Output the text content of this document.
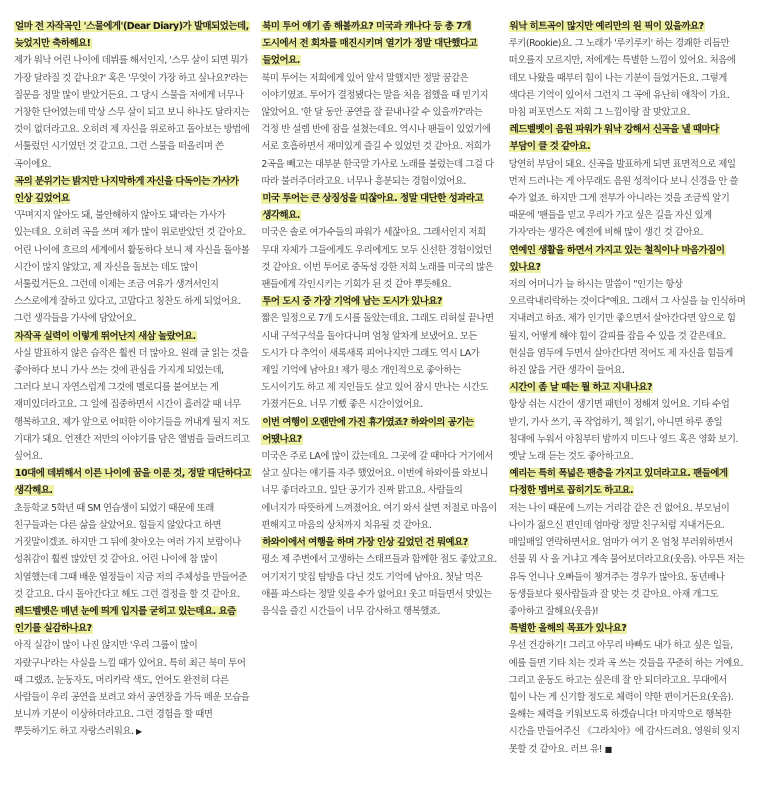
얼마 전 자작곡인 '스물에게'(Dear Diary)가 발매되었는데, 늦었지만 축하해요!

제가 워낙 어린 나이에 데뷔를 해서인지, '스무 살이 되면 뭐가 가장 달라질 것 같나요?' 혹은 '무엇이 가장 하고 싶나요?'라는 질문을 정말 많이 받았거든요. 그 당시 스물을 저에게 너무나 거창한 단어였는데 막상 스무 살이 되고 보니 하나도 달라지는 것이 없더라고요. 오히려 제 자신을 위로하고 돌아보는 방법에 서툴렀던 시기였던 것 같고요. 그런 스물을 떠올리며 쓴 곡이에요.

곡의 분위기는 밝지만 나지막하게 자신을 다독이는 가사가 인상 깊었어요

'꾸며지지 않아도 돼, 불안해하지 않아도 돼'라는 가사가 있는데요. 오히려 곡을 쓰며 제가 많이 위로받았던 것 같아요. 어린 나이에 흐르의 세계에서 활동하다 보니 제 자신을 돌아볼 시간이 많지 않았고, 제 자신을 돌보는 데도 많이 서툴렀거든요. 그런데 이제는 조금 여유가 생겨서인지 스스로에게 잘하고 있다고, 고맙다고 칭찬도 하게 되었어요. 그런 생각들을 가사에 담았어요.

자작곡 실력이 이렇게 뛰어난지 새삼 놀랐어요.

사실 발표하지 않은 습작은 훨씬 더 많아요. 원래 글 읽는 것을 좋아하다 보니 가사 쓰는 것에 관심을 가지게 되었는데, 그러다 보니 자연스럽게 그것에 멜로디를 붙여보는 게 재미있더라고요. 그 일에 집중하면서 시간이 흘러갈 때 너무 행복하고요. 제가 앞으로 어떠한 이야기들을 꺼내게 될지 저도 기대가 돼요. 언젠간 저만의 이야기를 담은 앨범을 들려드리고 싶어요.

10대에 데뷔해서 이른 나이에 꿈을 이룬 것, 정말 대단하다고 생각해요.

초등학교 5학년 때 SM 연습생이 되었기 때문에 또래 친구들과는 다른 삶을 살았어요. 힘들지 않았다고 하면 거짓말이겠죠. 하지만 그 뒤에 찾아오는 여러 가지 보람이나 성취감이 훨씬 많았던 것 같아요. 어린 나이에 참 많이 치열했는데 그때 배운 열정들이 지금 저의 주체성을 만들어준 것 같고요. 다시 돌아간다고 해도 그런 결정을 할 것 같아요.

레드벨벳은 매년 눈에 띄게 입지를 굳히고 있는데요. 요즘 인기를 실감하나요?

아직 실감이 많이 나진 않지만 '우리 그룹이 많이 자랐구나'라는 사실을 느낄 때가 있어요. 특히 최근 북미 투어 때 그랬죠. 눈동자도, 머리카락 색도, 언어도 완전히 다른 사람들이 우리 공연을 보려고 와서 공연장을 가득 메운 모습을 보니까 기분이 이상하더라고요. 그런 경험을 할 때면 뿌듯하기도 하고 자랑스러워요. ▶

북미 투어 얘기 좀 해볼까요? 미국과 캐나다 등 총 7개 도시에서 전 회차를 매진시키며 열기가 정말 대단했다고 들었어요.

북미 투어는 저희에게 있어 앞서 말했지만 정말 꿈같은 이야기였죠. 투어가 결정됐다는 말을 처음 접했을 때 믿기지 않았어요. '한 달 동안 공연을 잘 끝내나갈 수 있을까?'라는 걱정 반 설렘 반에 잠을 설쳤는데요. 역시나 팬들이 있었기에 서로 호흡하면서 재미있게 즐길 수 있었던 것 같아요. 저희가 2곡을 빼고는 대부분 한국말 가사로 노래를 불렀는데 그걸 다 따라 불러주더라고요. 너무나 흥분되는 경험이었어요.

미국 투어는 큰 상징성을 띠잖아요. 정말 대단한 성과라고 생각해요.

미국은 솔로 여가수들의 파워가 세잖아요. 그래서인지 저희 무대 자체가 그들에게도 우리에게도 모두 신선한 경험이었던 것 같아요. 이번 투어로 중독성 강한 저희 노래를 미국의 많은 팬들에게 각인시키는 기회가 된 것 같아 뿌듯해요.

투어 도시 중 가장 기억에 남는 도시가 있나요?

짧은 일정으로 7개 도시를 돌았는데요. 그래도 리허설 끝나면 시내 구석구석을 돌아다니며 엄청 알차게 보냈어요. 모든 도시가 다 추억이 새록새록 피어나지만 그래도 역시 LA가 제일 기억에 남아요! 제가 평소 개인적으로 좋아하는 도시이기도 하고 제 지인들도 살고 있어 잠시 만나는 시간도 가졌거든요. 너무 기뻤 좋은 시간이었어요.

이번 여행이 오랜만에 가진 휴가였죠? 하와이의 공기는 어땠나요?

미국은 주로 LA에 많이 갔는데요. 그곳에 갈 때마다 거기에서 살고 싶다는 얘기를 자주 했었어요. 이번에 하와이를 와보니 너무 좋더라고요. 일단 공기가 진짜 맑고요. 사람들의 에너지가 따뜻하게 느껴졌어요. 여기 와서 살면 저절로 마음이 편해지고 마음의 상처까지 치유될 것 같아요.

하와이에서 여행을 하며 가장 인상 깊었던 건 뭐예요?

평소 제 주변에서 고생하는 스태프들과 함께한 점도 좋았고요. 여기저기 맛집 탐방을 다닌 것도 기억에 남아요. 첫날 먹은 애플 파스타는 정말 잊을 수가 없어요! 웃고 떠들면서 맛있는 음식을 즐긴 시간들이 너무 감사하고 행복했죠.

워낙 히트곡이 많지만 예리만의 원 픽이 있을까요?

루키(Rookie)요. 그 노래가 '루키루키' 하는 경쾌한 리듬만 떠오를지 모르지만, 저에게는 특별한 느낌이 있어요. 처음에 데모 나왔을 때부터 힘이 나는 기분이 들었거든요. 그렇게 색다른 기억이 있어서 그런지 그 곡에 유난히 애착이 가요. 마침 퍼포먼스도 저희 그 느낌이랑 잘 맞았고요.

레드벨벳이 음원 파워가 워낙 강해서 신곡을 낼 때마다 부담이 클 것 같아요.

당연히 부담이 돼요. 신곡을 발표하게 되면 표면적으로 제일 먼저 드러나는 게 아무래도 음원 성적이다 보니 신경을 안 쓸 수가 없죠. 하지만 그게 전부가 아니라는 것을 조금씩 알기 때문에 '팬들을 믿고 우리가 가고 싶은 길을 자신 있게 가자'라는 생각은 예전에 비해 많이 생긴 것 같아요.

연예인 생활을 하면서 가지고 있는 철칙이나 마음가짐이 있나요?

저의 어머니가 늘 하시는 말씀이 "인기는 항상 오르락내리락하는 것이다"예요. 그래서 그 사실을 늘 인식하며 지내려고 하죠. 제가 인기만 좋으면서 살아간다면 앞으로 힘 될지, 어떻게 해야 힘이 갈피를 잡을 수 있을 것 같은데요. 현실을 염두에 두면서 살아간다면 적어도 제 자신을 힘들게 하진 않을 거란 생각이 들어요.

시간이 좀 날 때는 뭘 하고 지내나요?

항상 쉬는 시간이 생기면 패턴이 정해져 있어요. 기타 수업 받기, 가사 쓰기, 곡 작업하기, 책 읽기, 아니면 하루 종일 침대에 누워서 아침부터 밤까지 미드나 영드 혹은 영화 보기. 옛날 노래 듣는 것도 좋아하고요.

예리는 특히 폭넓은 팬층을 가지고 있더라고요. 팬들에게 다정한 멤버로 꼽히기도 하고요.

저는 나이 때문에 느끼는 거리감 같은 건 없어요. 부모님이 나이가 젊으신 편인데 엄마랑 정말 친구처럼 지내거든요. 매일매일 연락하면서요. 엄마가 여기 온 엄청 부러워하면서 선물 뭐 사 올 거냐고 계속 물어보더라고요(웃음). 아무튼 저는 유독 언니나 오빠들이 챙겨주는 경우가 많아요. 동년배나 동생들보다 윗사람들과 잘 맞는 것 같아요. 아재 개그도 좋아하고 잘해요(웃음)!

특별한 올해의 목표가 있나요?

우선 건강하기! 그리고 아무리 바빠도 내가 하고 싶은 일들, 예를 들면 기타 치는 것과 곡 쓰는 것들을 꾸준히 하는 거예요. 그리고 운동도 하고는 싶은데 잘 안 되더라고요. 무대에서 힘이 나는 게 신기할 정도로 체력이 약한 편이거든요(웃음). 올해는 체력을 키워보도록 하겠습니다! 마지막으로 행복한 시간을 만들어주신 《그라치아》에 감사드려요. 영원히 잊지 못할 것 같아요. 러브 유! ■
